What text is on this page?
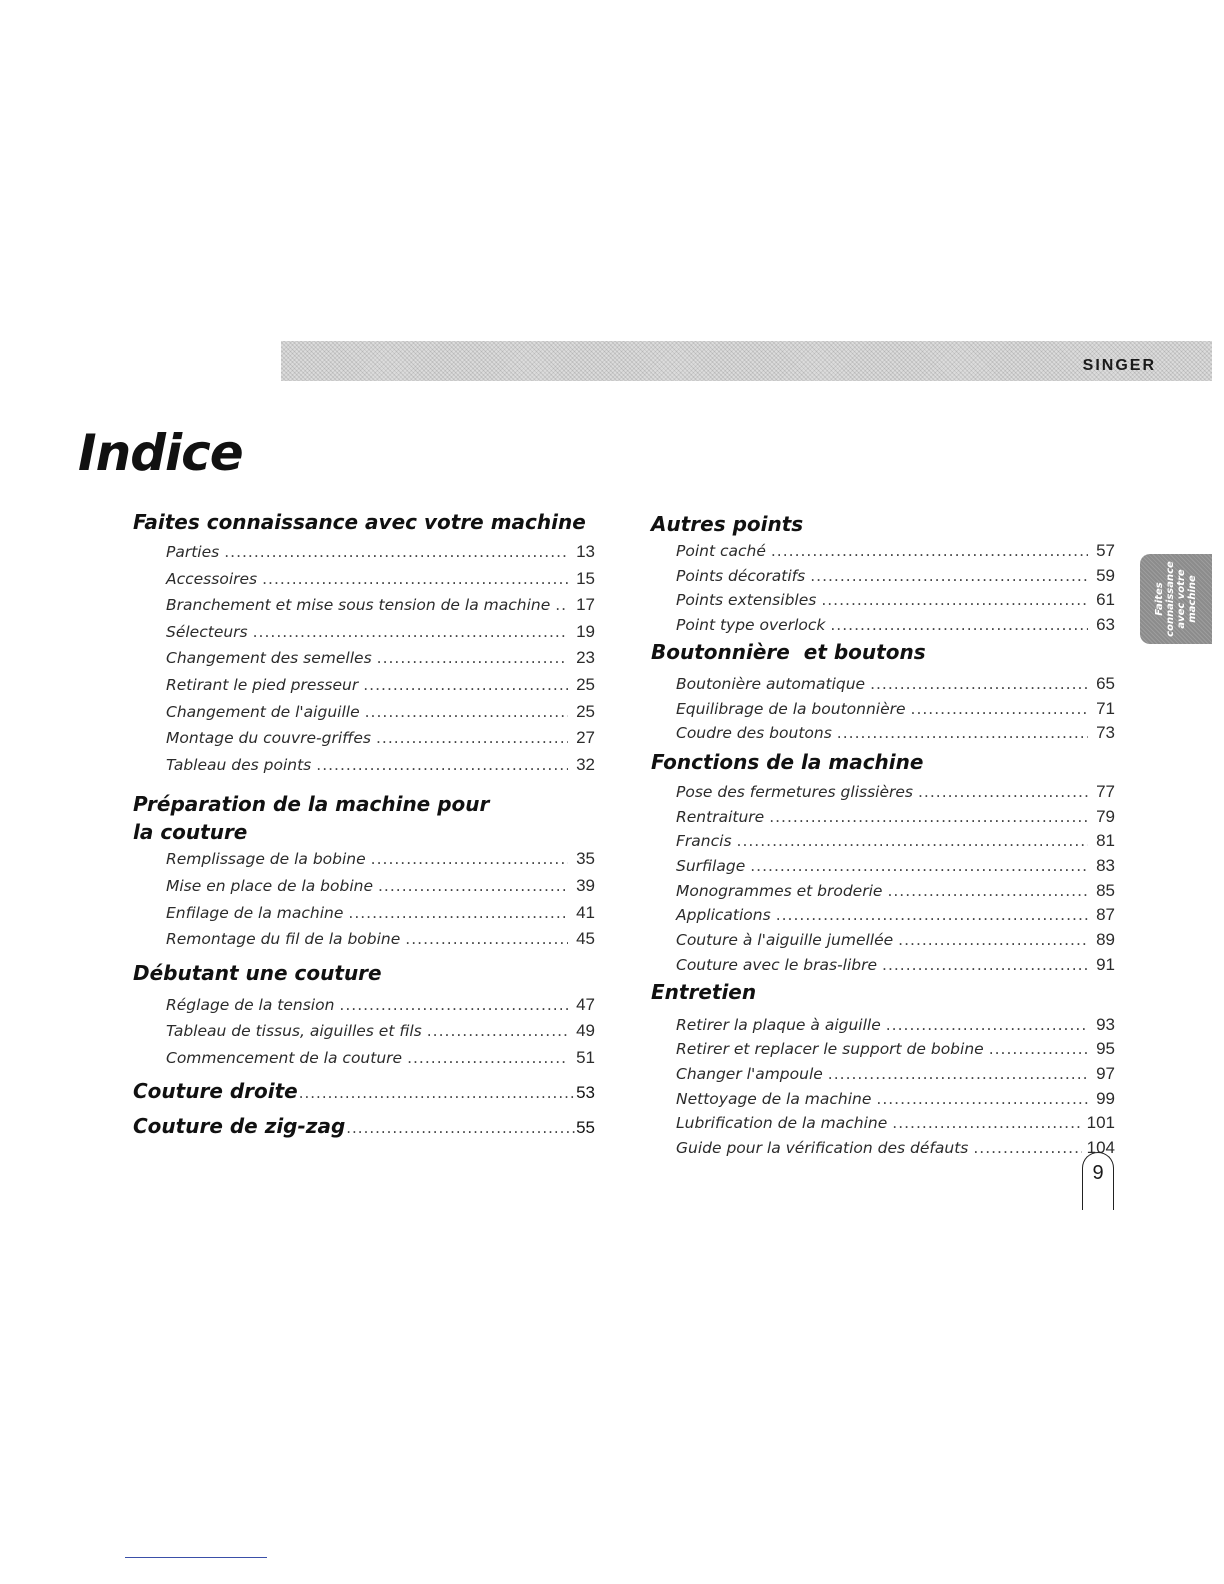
SINGER
Indice
Faites connaissance avec votre machine
Parties .....	13
Accessoires .....	15
Branchement et mise sous tension de la machine ..... 17
Sélecteurs .....	19
Changement des semelles .....	23
Retirant le pied presseur .....	25
Changement de l'aiguille .....	25
Montage du couvre-griffes .....	27
Tableau des points .....	32
Préparation de la machine pour la couture
Remplissage de la bobine .....	35
Mise en place de la bobine .....	39
Enfilage de la machine .....	41
Remontage du fil de la bobine .....	45
Débutant une couture
Réglage de la tension .....	47
Tableau de tissus, aiguilles et fils .....	49
Commencement de la couture .....	51
Couture droite .....	53
Couture de zig-zag .....	55
Autres points
Point caché .....	57
Points décoratifs .....	59
Points extensibles .....	61
Point type overlock .....	63
Boutonnière  et boutons
Boutonière automatique .....	65
Equilibrage de la boutonnière .....	71
Coudre des boutons .....	73
Fonctions de la machine
Pose des fermetures glissières .....	77
Rentraiture .....	79
Francis .....	81
Surfilage .....	83
Monogrammes et broderie .....	85
Applications .....	87
Couture à l'aiguille jumellée .....	89
Couture avec le bras-libre .....	91
Entretien
Retirer la plaque à aiguille .....	93
Retirer et replacer le support de bobine .....	95
Changer l'ampoule .....	97
Nettoyage de la machine .....	99
Lubrification de la machine .....	101
Guide pour la vérification des défauts .....	104
Faites connaissance avec votre machine
9
